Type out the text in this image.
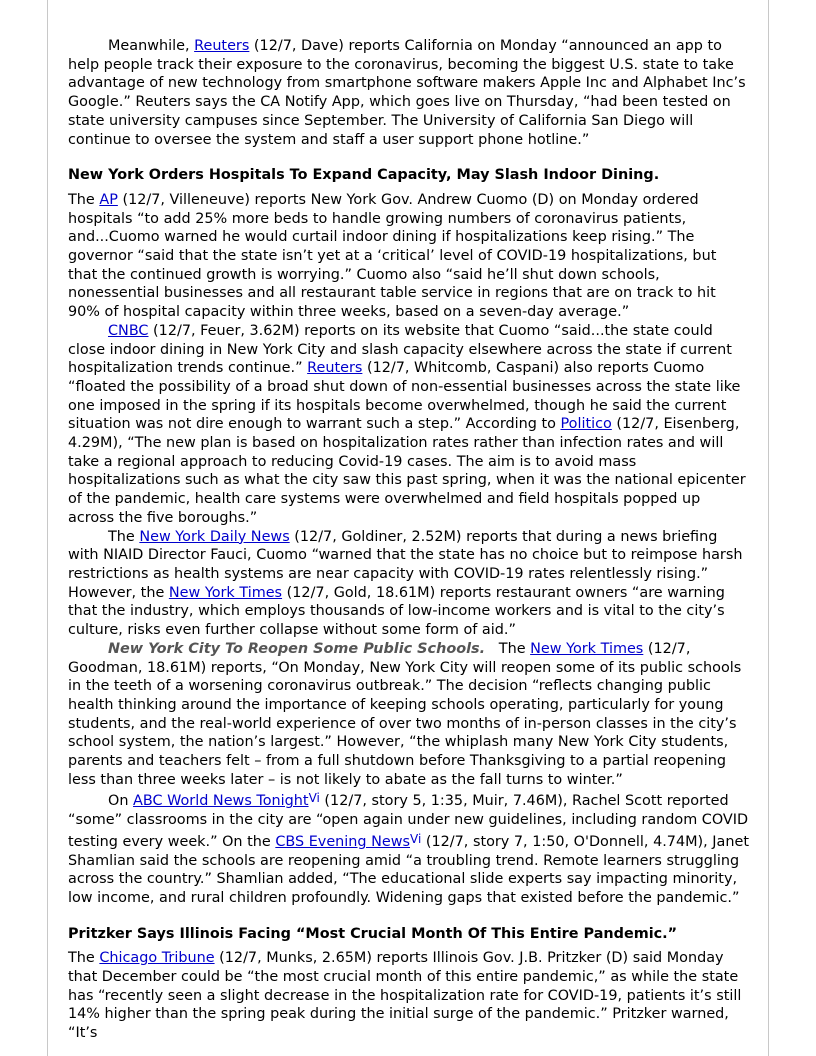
Meanwhile, Reuters (12/7, Dave) reports California on Monday “announced an app to help people track their exposure to the coronavirus, becoming the biggest U.S. state to take advantage of new technology from smartphone software makers Apple Inc and Alphabet Inc’s Google.” Reuters says the CA Notify App, which goes live on Thursday, “had been tested on state university campuses since September. The University of California San Diego will continue to oversee the system and staff a user support phone hotline.”

New York Orders Hospitals To Expand Capacity, May Slash Indoor Dining.

The AP (12/7, Villeneuve) reports New York Gov. Andrew Cuomo (D) on Monday ordered hospitals “to add 25% more beds to handle growing numbers of coronavirus patients, and...Cuomo warned he would curtail indoor dining if hospitalizations keep rising.” The governor “said that the state isn’t yet at a ‘critical’ level of COVID-19 hospitalizations, but that the continued growth is worrying.” Cuomo also “said he’ll shut down schools, nonessential businesses and all restaurant table service in regions that are on track to hit 90% of hospital capacity within three weeks, based on a seven-day average.”

CNBC (12/7, Feuer, 3.62M) reports on its website that Cuomo “said...the state could close indoor dining in New York City and slash capacity elsewhere across the state if current hospitalization trends continue.” Reuters (12/7, Whitcomb, Caspani) also reports Cuomo “floated the possibility of a broad shut down of non-essential businesses across the state like one imposed in the spring if its hospitals become overwhelmed, though he said the current situation was not dire enough to warrant such a step.” According to Politico (12/7, Eisenberg, 4.29M), “The new plan is based on hospitalization rates rather than infection rates and will take a regional approach to reducing Covid-19 cases. The aim is to avoid mass hospitalizations such as what the city saw this past spring, when it was the national epicenter of the pandemic, health care systems were overwhelmed and field hospitals popped up across the five boroughs.”

The New York Daily News (12/7, Goldiner, 2.52M) reports that during a news briefing with NIAID Director Fauci, Cuomo “warned that the state has no choice but to reimpose harsh restrictions as health systems are near capacity with COVID-19 rates relentlessly rising.” However, the New York Times (12/7, Gold, 18.61M) reports restaurant owners “are warning that the industry, which employs thousands of low-income workers and is vital to the city’s culture, risks even further collapse without some form of aid.”

New York City To Reopen Some Public Schools.   The New York Times (12/7, Goodman, 18.61M) reports, “On Monday, New York City will reopen some of its public schools in the teeth of a worsening coronavirus outbreak.” The decision “reflects changing public health thinking around the importance of keeping schools operating, particularly for young students, and the real-world experience of over two months of in-person classes in the city’s school system, the nation’s largest.” However, “the whiplash many New York City students, parents and teachers felt – from a full shutdown before Thanksgiving to a partial reopening less than three weeks later – is not likely to abate as the fall turns to winter.”

On ABC World News Tonight$^{Vi}$ (12/7, story 5, 1:35, Muir, 7.46M), Rachel Scott reported “some” classrooms in the city are “open again under new guidelines, including random COVID testing every week.” On the CBS Evening News$^{Vi}$ (12/7, story 7, 1:50, O'Donnell, 4.74M), Janet Shamlian said the schools are reopening amid “a troubling trend. Remote learners struggling across the country.” Shamlian added, “The educational slide experts say impacting minority, low income, and rural children profoundly. Widening gaps that existed before the pandemic.”

Pritzker Says Illinois Facing “Most Crucial Month Of This Entire Pandemic.”

The Chicago Tribune (12/7, Munks, 2.65M) reports Illinois Gov. J.B. Pritzker (D) said Monday that December could be “the most crucial month of this entire pandemic,” as while the state has “recently seen a slight decrease in the hospitalization rate for COVID-19, patients it’s still 14% higher than the spring peak during the initial surge of the pandemic.” Pritzker warned, “It’s
